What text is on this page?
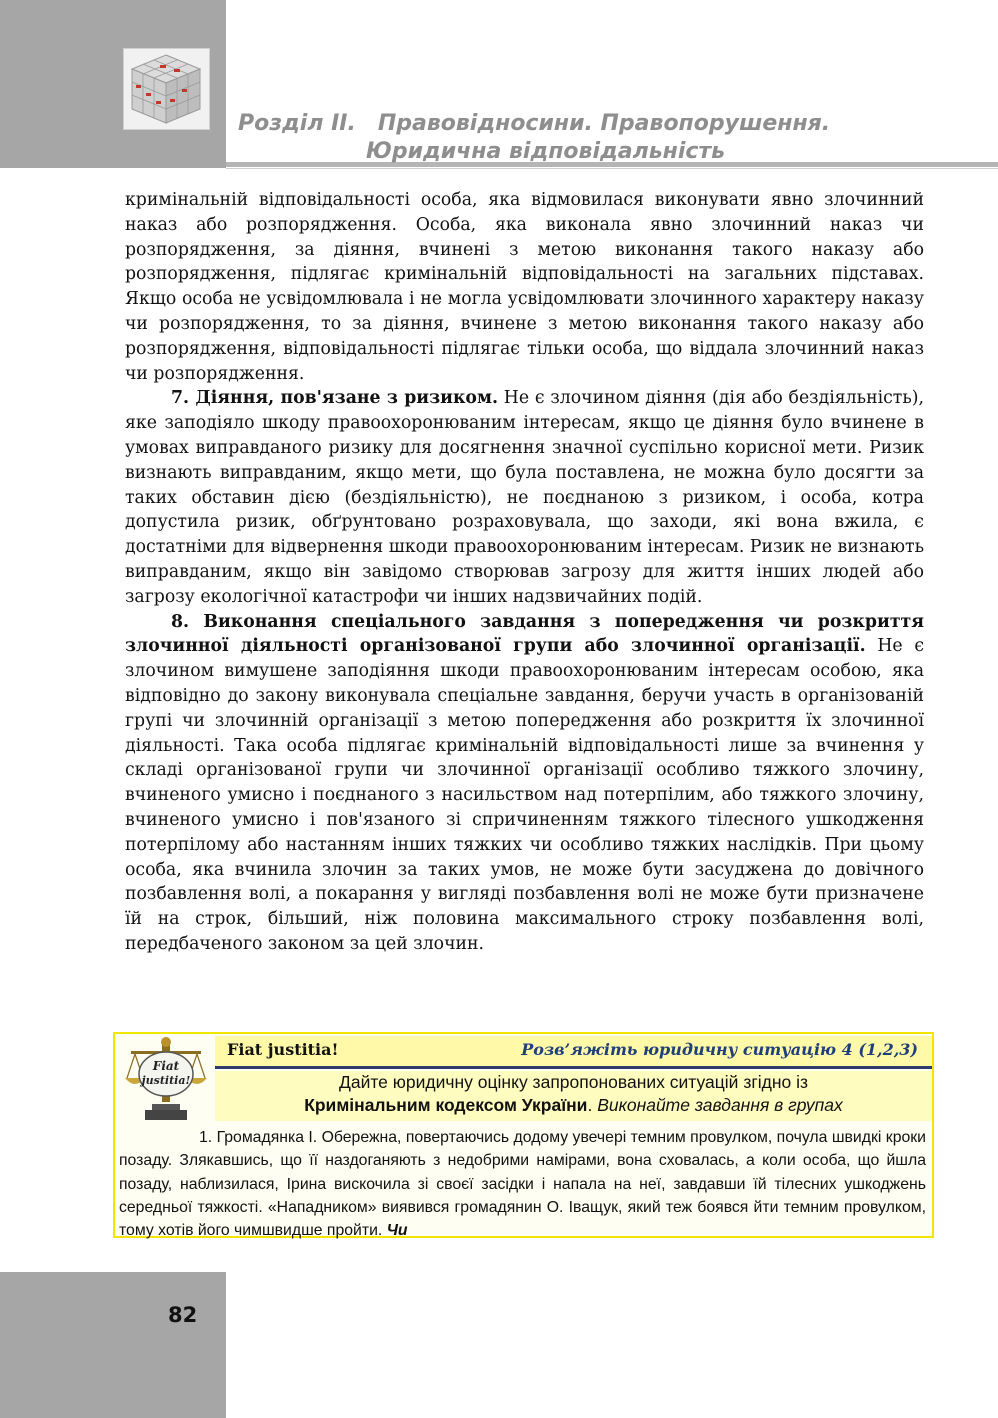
Розділ ІІ. Правовідносини. Правопорушення.
Юридична відповідальність

кримінальній відповідальності особа, яка відмовилася виконувати явно злочинний наказ або розпорядження. Особа, яка виконала явно злочинний наказ чи розпорядження, за діяння, вчинені з метою виконання такого наказу або розпорядження, підлягає кримінальній відповідальності на загальних підставах. Якщо особа не усвідомлювала і не могла усвідомлювати злочинного характеру наказу чи розпорядження, то за діяння, вчинене з метою виконання такого наказу або розпорядження, відповідальності підлягає тільки особа, що віддала злочинний наказ чи розпорядження.

7. Діяння, пов'язане з ризиком. Не є злочином діяння (дія або бездіяльність), яке заподіяло шкоду правоохоронюваним інтересам, якщо це діяння було вчинене в умовах виправданого ризику для досягнення значної суспільно корисної мети. Ризик визнають виправданим, якщо мети, що була поставлена, не можна було досягти за таких обставин дією (бездіяльністю), не поєднаною з ризиком, і особа, котра допустила ризик, обґрунтовано розраховувала, що заходи, які вона вжила, є достатніми для відвернення шкоди правоохоронюваним інтересам. Ризик не визнають виправданим, якщо він завідомо створював загрозу для життя інших людей або загрозу екологічної катастрофи чи інших надзвичайних подій.

8. Виконання спеціального завдання з попередження чи розкриття злочинної діяльності організованої групи або злочинної організації. Не є злочином вимушене заподіяння шкоди правоохоронюваним інтересам особою, яка відповідно до закону виконувала спеціальне завдання, беручи участь в організованій групі чи злочинній організації з метою попередження або розкриття їх злочинної діяльності. Така особа підлягає кримінальній відповідальності лише за вчинення у складі організованої групи чи злочинної організації особливо тяжкого злочину, вчиненого умисно і поєднаного з насильством над потерпілим, або тяжкого злочину, вчиненого умисно і пов'язаного зі спричиненням тяжкого тілесного ушкодження потерпілому або настанням інших тяжких чи особливо тяжких наслідків. При цьому особа, яка вчинила злочин за таких умов, не може бути засуджена до довічного позбавлення волі, а покарання у вигляді позбавлення волі не може бути призначене їй на строк, більший, ніж половина максимального строку позбавлення волі, передбаченого законом за цей злочин.

Fiat
justitia!
Fiat justitia!	Розв’яжіть юридичну ситуацію 4 (1,2,3)
Дайте юридичну оцінку запропонованих ситуацій згідно із
Кримінальним кодексом України. Виконайте завдання в групах

1. Громадянка І. Обережна, повертаючись додому увечері темним провулком, почула швидкі кроки позаду. Злякавшись, що її наздоганяють з недобрими намірами, вона сховалась, а коли особа, що йшла позаду, наблизилася, Ірина вискочила зі своєї засідки і напала на неї, завдавши їй тілесних ушкоджень середньої тяжкості. «Нападником» виявився громадянин О. Іващук, який теж боявся йти темним провулком, тому хотів його чимшвидше пройти. Чи

82
